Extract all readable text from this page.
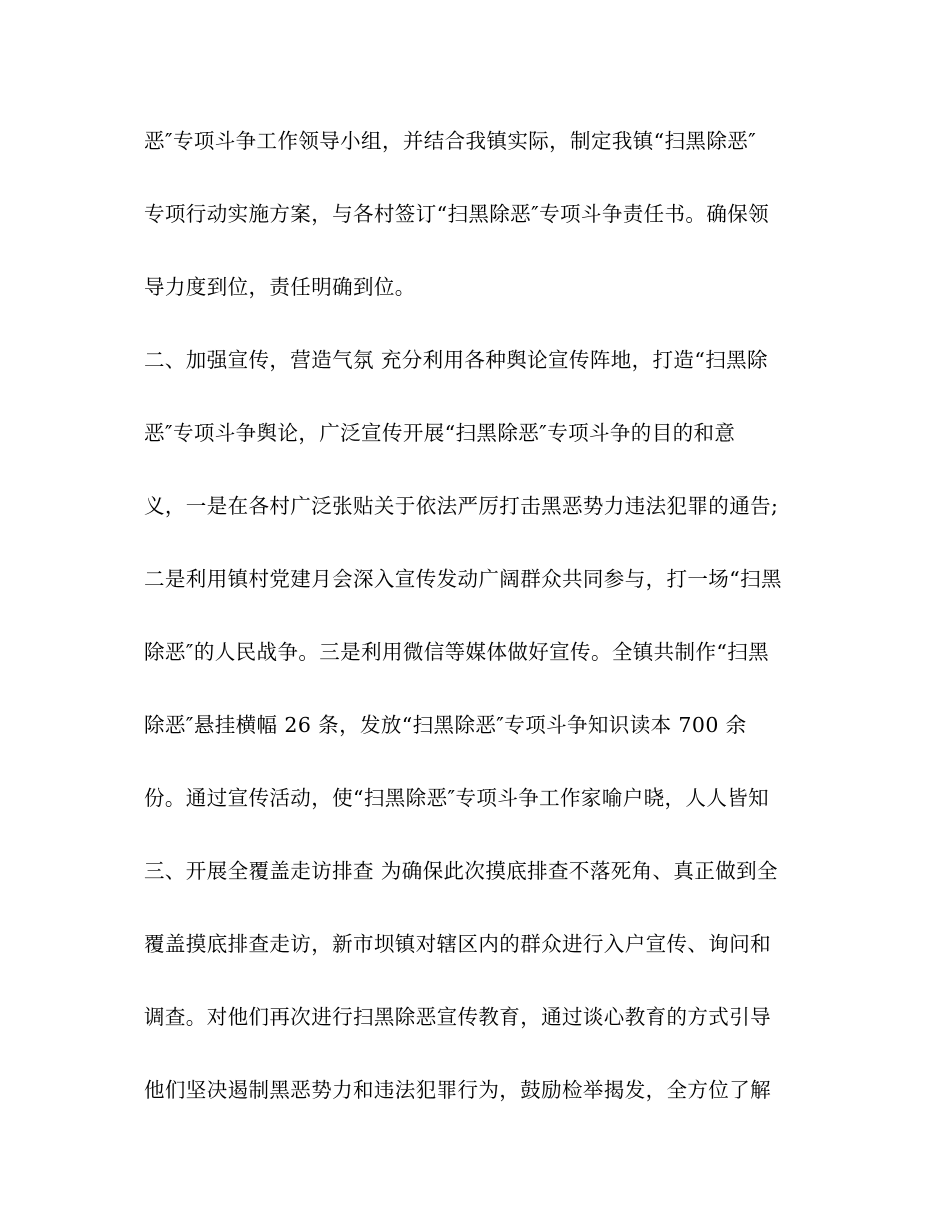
恶″专项斗争工作领导小组，并结合我镇实际，制定我镇“扫黑除恶″
专项行动实施方案，与各村签订“扫黑除恶″专项斗争责任书。确保领
导力度到位，责任明确到位。
二、加强宣传，营造气氛 充分利用各种舆论宣传阵地，打造“扫黑除
恶″专项斗争舆论，广泛宣传开展“扫黑除恶″专项斗争的目的和意
义，一是在各村广泛张贴关于依法严厉打击黑恶势力违法犯罪的通告;
二是利用镇村党建月会深入宣传发动广阔群众共同参与，打一场“扫黑
除恶″的人民战争。三是利用微信等媒体做好宣传。全镇共制作“扫黑
除恶″悬挂横幅 26 条，发放“扫黑除恶″专项斗争知识读本 700 余
份。通过宣传活动，使“扫黑除恶″专项斗争工作家喻户晓，人人皆知
三、开展全覆盖走访排查 为确保此次摸底排查不落死角、真正做到全
覆盖摸底排查走访，新市坝镇对辖区内的群众进行入户宣传、询问和
调查。对他们再次进行扫黑除恶宣传教育，通过谈心教育的方式引导
他们坚决遏制黑恶势力和违法犯罪行为，鼓励检举揭发，全方位了解
